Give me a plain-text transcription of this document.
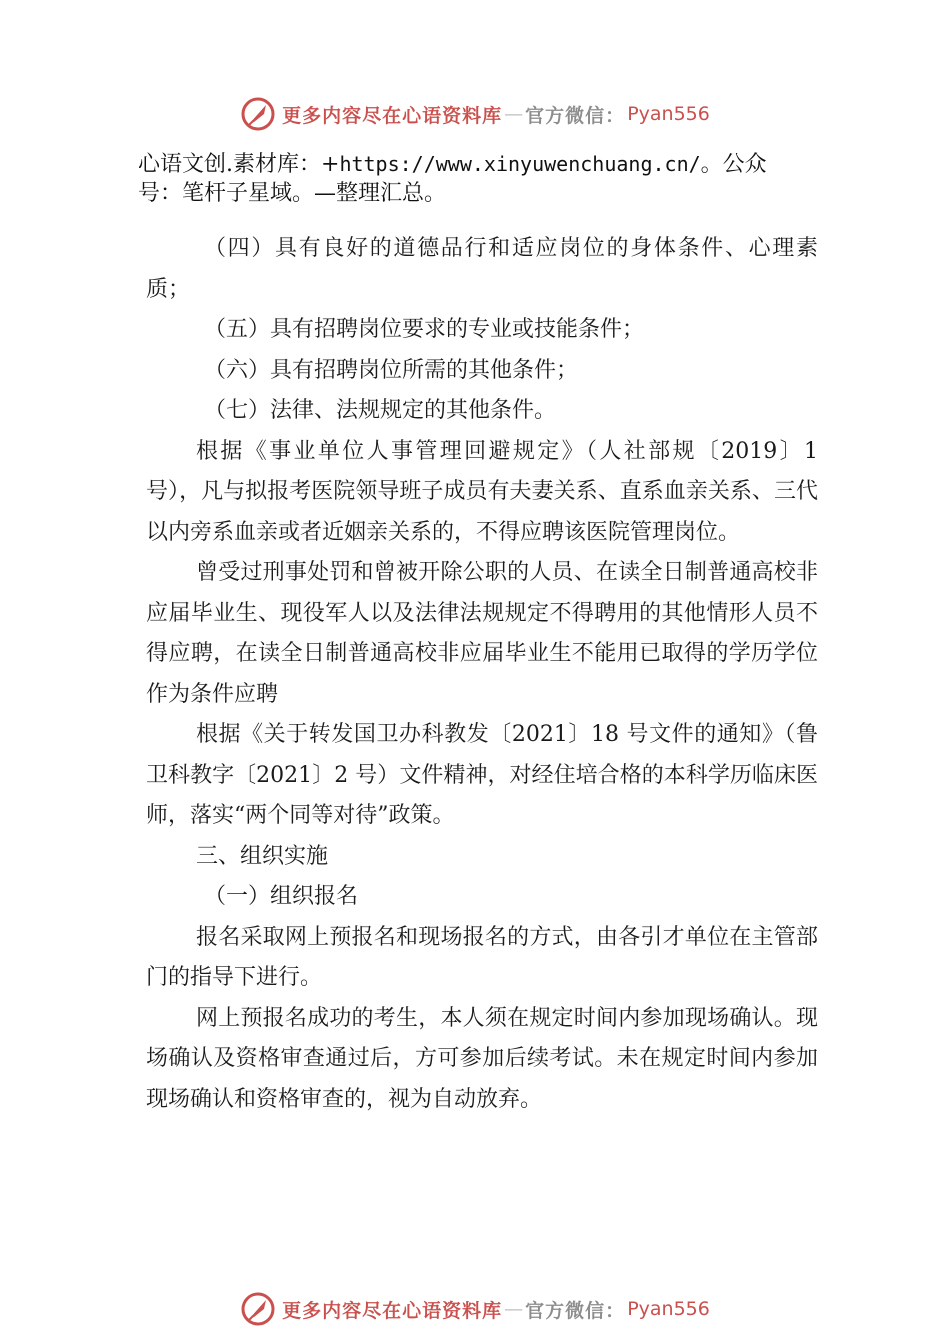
更多内容尽在心语资料库 — 官方微信： Pyan556
心语文创.素材库：+https://www.xinyuwenchuang.cn/。公众
号：笔杆子星域。—整理汇总。

（四）具有良好的道德品行和适应岗位的身体条件、心理素质；

（五）具有招聘岗位要求的专业或技能条件；

（六）具有招聘岗位所需的其他条件；

（七）法律、法规规定的其他条件。

根据《事业单位人事管理回避规定》（人社部规〔2019〕1 号），凡与拟报考医院领导班子成员有夫妻关系、直系血亲关系、三代以内旁系血亲或者近姻亲关系的，不得应聘该医院管理岗位。

曾受过刑事处罚和曾被开除公职的人员、在读全日制普通高校非应届毕业生、现役军人以及法律法规规定不得聘用的其他情形人员不得应聘，在读全日制普通高校非应届毕业生不能用已取得的学历学位作为条件应聘

根据《关于转发国卫办科教发〔2021〕18 号文件的通知》（鲁卫科教字〔2021〕2 号）文件精神，对经住培合格的本科学历临床医师，落实“两个同等对待”政策。

三、组织实施

（一）组织报名

报名采取网上预报名和现场报名的方式，由各引才单位在主管部门的指导下进行。

网上预报名成功的考生，本人须在规定时间内参加现场确认。现场确认及资格审查通过后，方可参加后续考试。未在规定时间内参加现场确认和资格审查的，视为自动放弃。

更多内容尽在心语资料库 — 官方微信： Pyan556
